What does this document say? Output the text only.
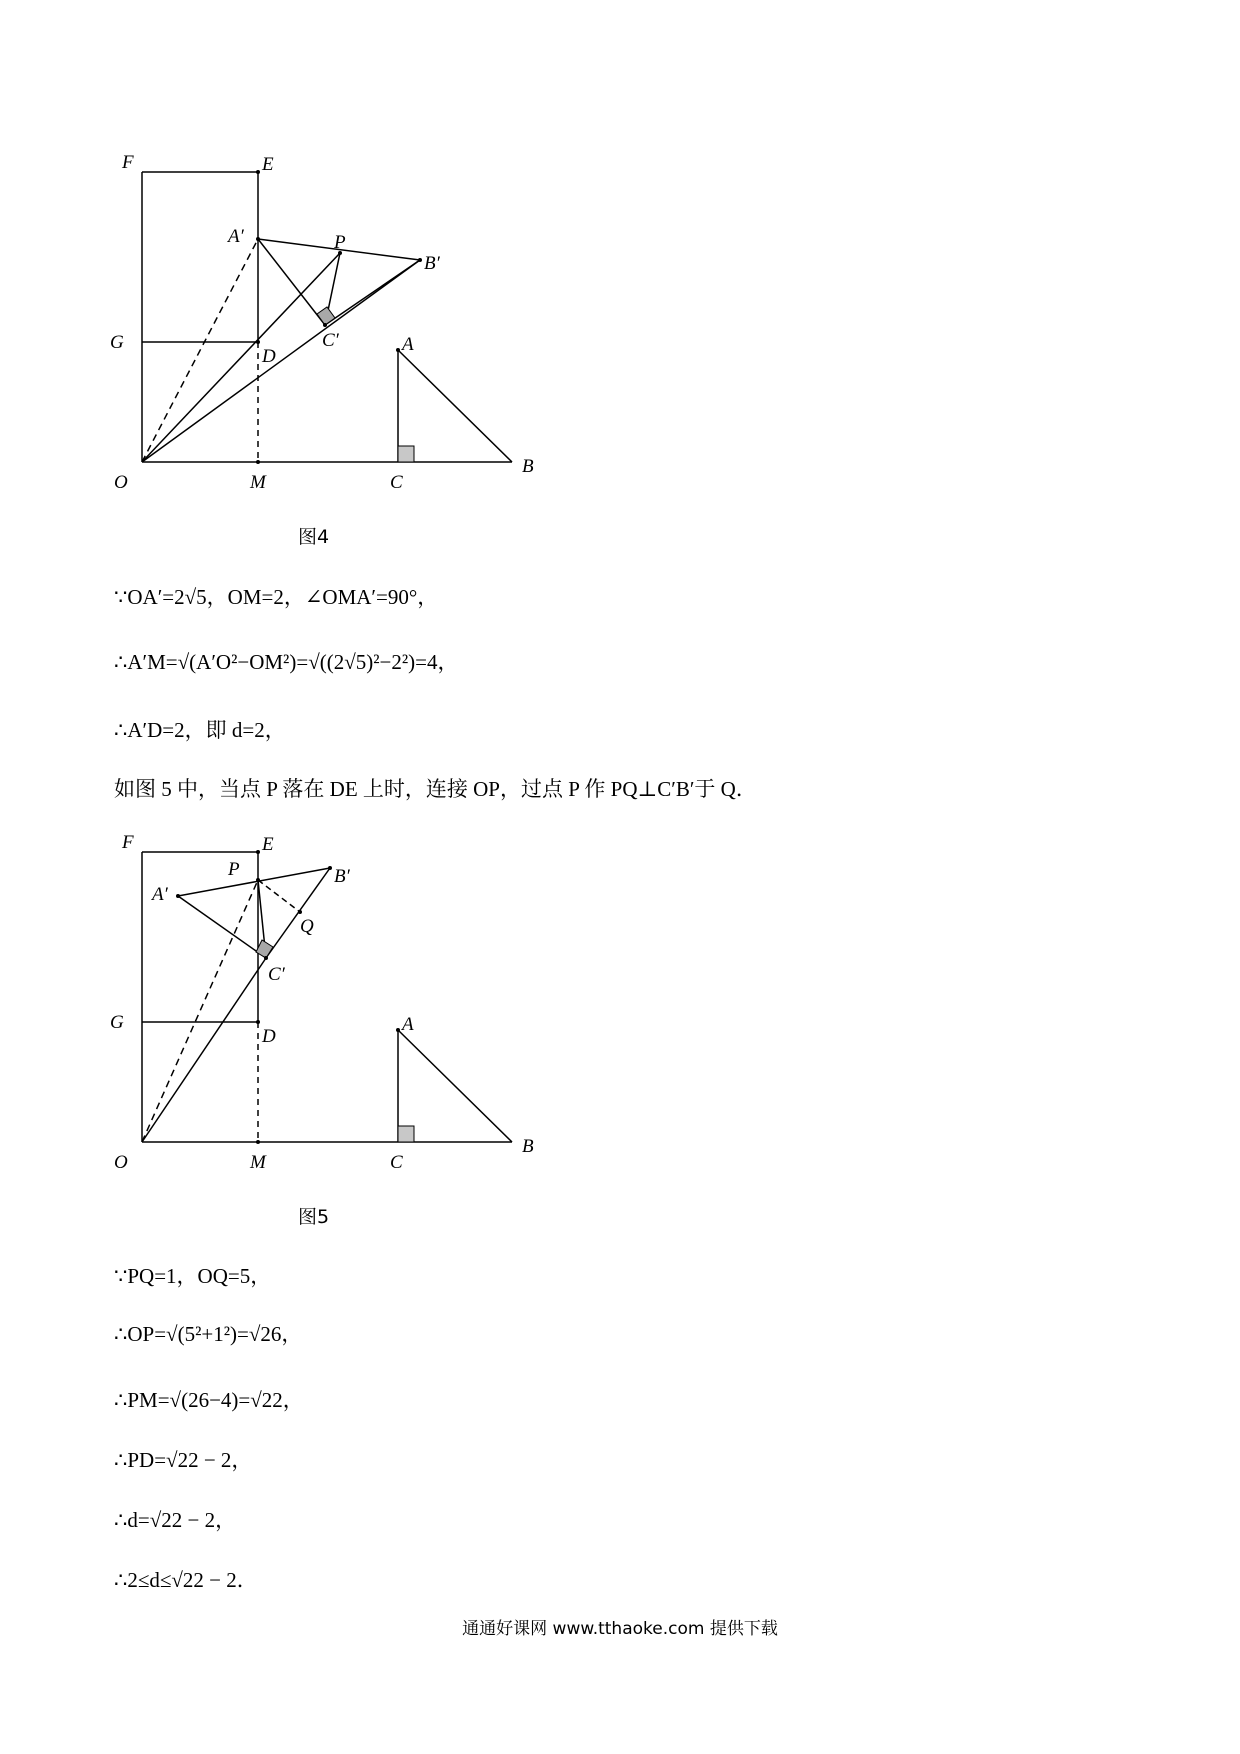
F	E
A′	P
B′
G
D
C′	A
O	M	C
B
图4
∵OA′=2√5，OM=2，∠OMA′=90°，
∴A′M=√(A′O²−OM²)=√((2√5)²−2²)=4，
∴A′D=2，即 d=2，
如图 5 中，当点 P 落在 DE 上时，连接 OP，过点 P 作 PQ⊥C′B′于 Q．
F	E
P	B′
A′
Q
C′
G
D
A
O	M	C
B
图5
∵PQ=1，OQ=5，
∴OP=√(5²+1²)=√26，
∴PM=√(26−4)=√22，
∴PD=√22 − 2，
∴d=√22 − 2，
∴2≤d≤√22 − 2．
通通好课网 www.tthaoke.com 提供下载
